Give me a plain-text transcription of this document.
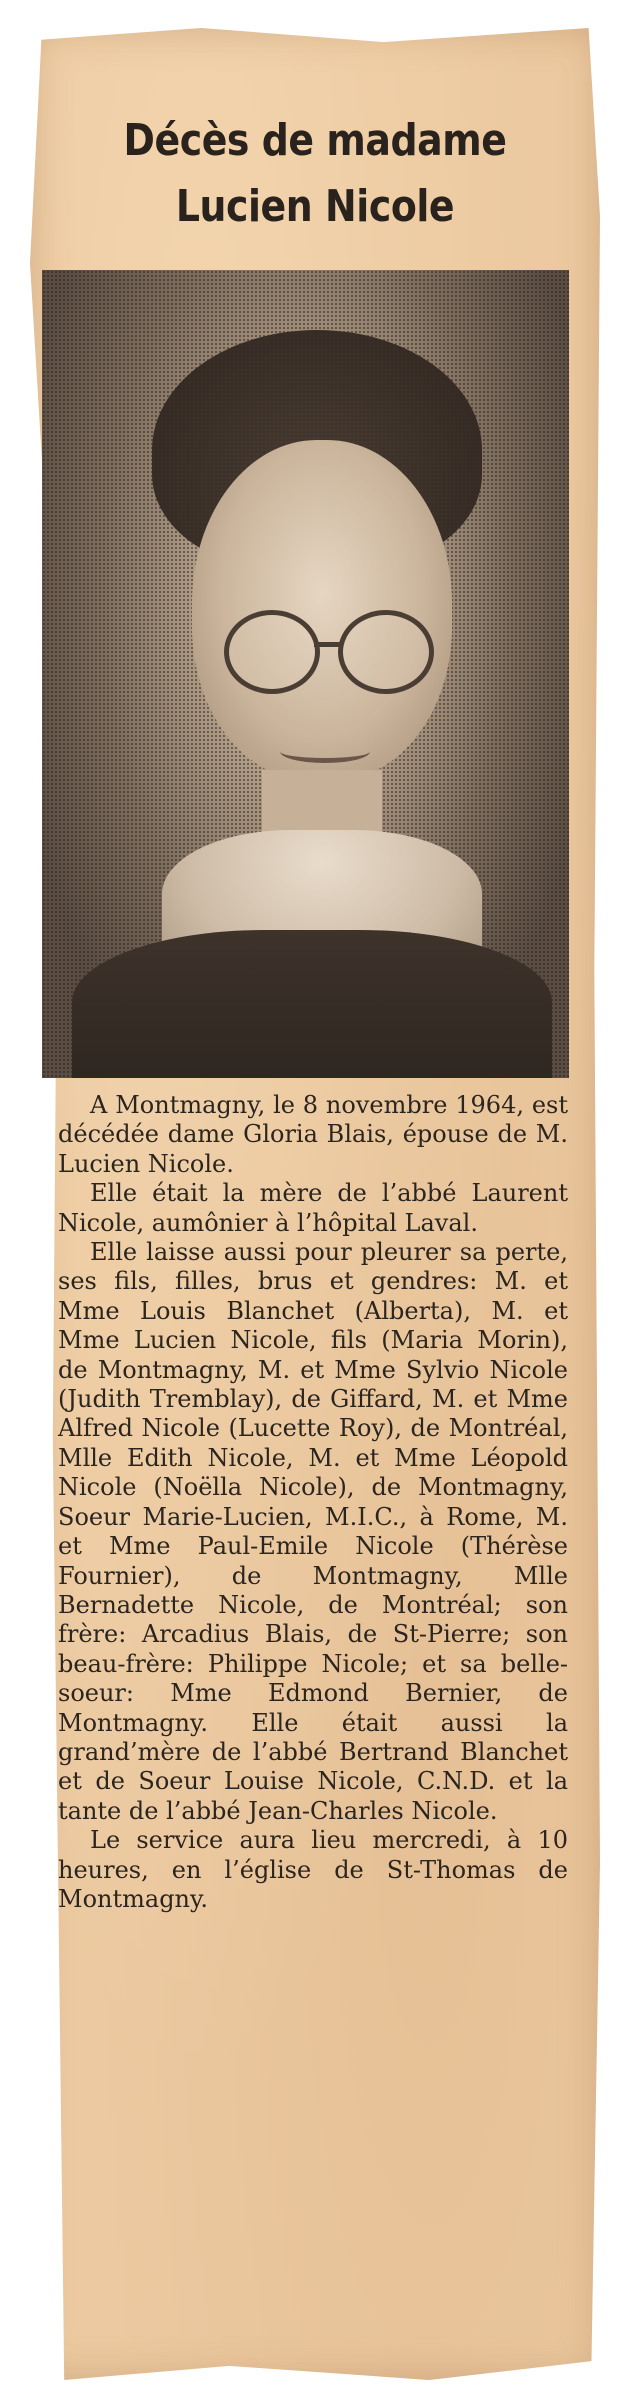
Décès de madame
Lucien Nicole

A Montmagny, le 8 novembre 1964, est décédée dame Gloria Blais, épouse de M. Lucien Nicole.

Elle était la mère de l’abbé Laurent Nicole, aumônier à l’hôpital Laval.

Elle laisse aussi pour pleurer sa perte, ses fils, filles, brus et gendres: M. et Mme Louis Blanchet (Alberta), M. et Mme Lucien Nicole, fils (Maria Morin), de Montmagny, M. et Mme Sylvio Nicole (Judith Tremblay), de Giffard, M. et Mme Alfred Nicole (Lucette Roy), de Montréal, Mlle Edith Nicole, M. et Mme Léopold Nicole (Noëlla Nicole), de Montmagny, Soeur Marie-Lucien, M.I.C., à Rome, M. et Mme Paul-Emile Nicole (Thérèse Fournier), de Montmagny, Mlle Bernadette Nicole, de Montréal; son frère: Arcadius Blais, de St-Pierre; son beau-frère: Philippe Nicole; et sa belle-soeur: Mme Edmond Bernier, de Montmagny. Elle était aussi la grand’mère de l’abbé Bertrand Blanchet et de Soeur Louise Nicole, C.N.D. et la tante de l’abbé Jean-Charles Nicole.

Le service aura lieu mercredi, à 10 heures, en l’église de St-Thomas de Montmagny.
